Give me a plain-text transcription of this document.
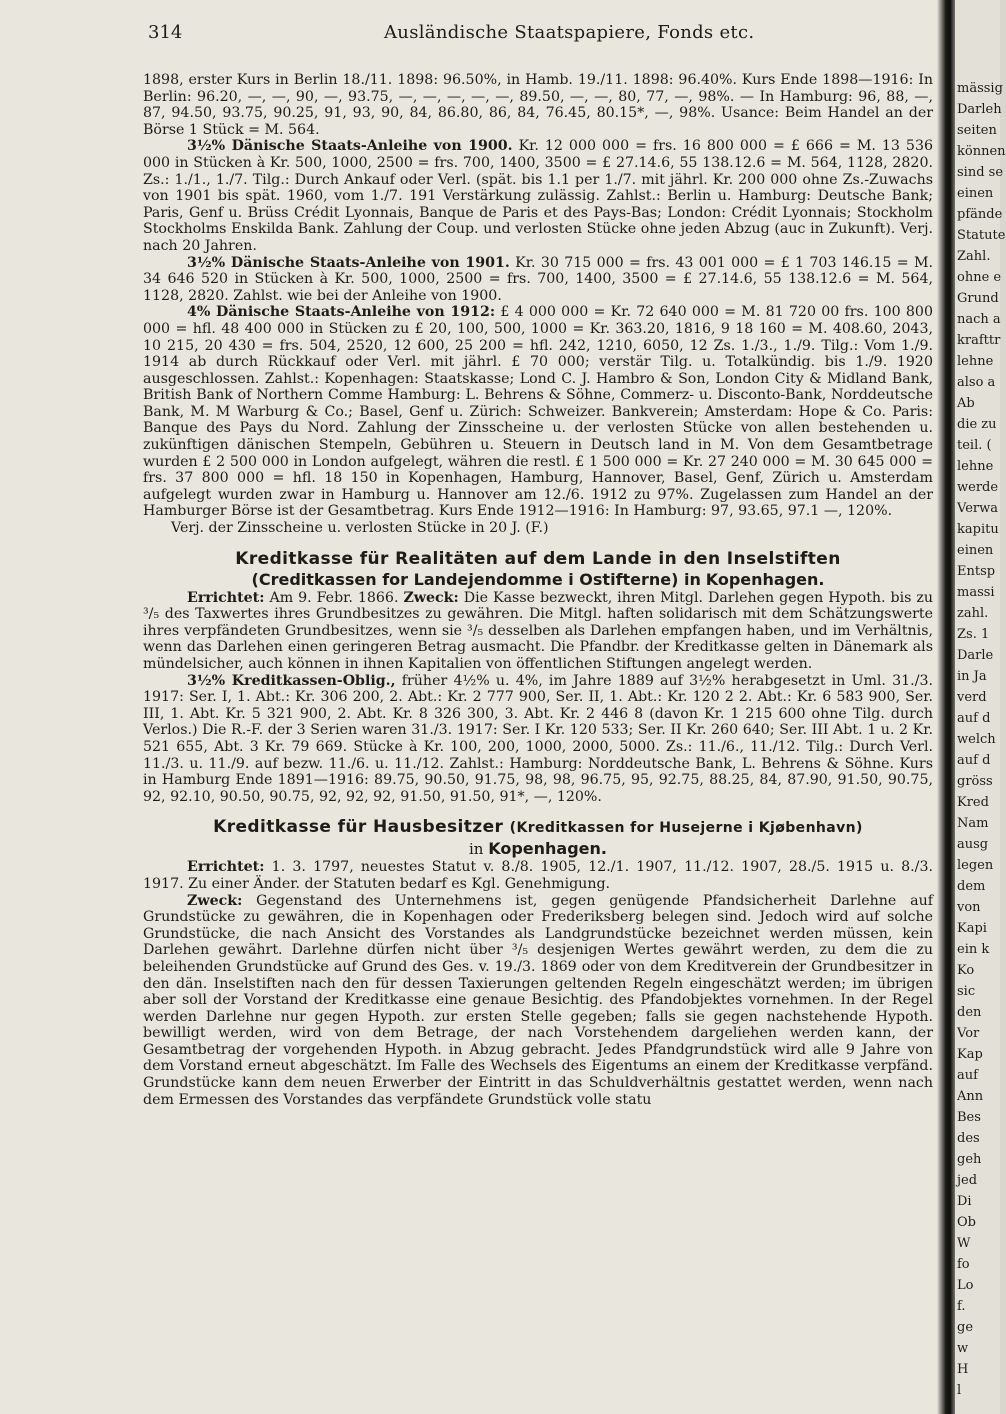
314	Ausländische Staatspapiere, Fonds etc.

1898, erster Kurs in Berlin 18./11. 1898: 96.50%, in Hamb. 19./11. 1898: 96.40%. Kurs Ende 1898—1916: In Berlin: 96.20, —, —, 90, —, 93.75, —, —, —, —, —, 89.50, —, —, 80, 77, —, 98%. — In Hamburg: 96, 88, —, 87, 94.50, 93.75, 90.25, 91, 93, 90, 84, 86.80, 86, 84, 76.45, 80.15*, —, 98%. Usance: Beim Handel an der Börse 1 Stück = M. 564.

3½% Dänische Staats-Anleihe von 1900. Kr. 12 000 000 = frs. 16 800 000 = £ 666 = M. 13 536 000 in Stücken à Kr. 500, 1000, 2500 = frs. 700, 1400, 3500 = £ 27.14.6, 55 138.12.6 = M. 564, 1128, 2820. Zs.: 1./1., 1./7. Tilg.: Durch Ankauf oder Verl. (spät. bis 1.1 per 1./7. mit jährl. Kr. 200 000 ohne Zs.-Zuwachs von 1901 bis spät. 1960, vom 1./7. 191 Verstärkung zulässig. Zahlst.: Berlin u. Hamburg: Deutsche Bank; Paris, Genf u. Brüss Crédit Lyonnais, Banque de Paris et des Pays-Bas; London: Crédit Lyonnais; Stockholm Stockholms Enskilda Bank. Zahlung der Coup. und verlosten Stücke ohne jeden Abzug (auc in Zukunft). Verj. nach 20 Jahren.

3½% Dänische Staats-Anleihe von 1901. Kr. 30 715 000 = frs. 43 001 000 = £ 1 703 146.15 = M. 34 646 520 in Stücken à Kr. 500, 1000, 2500 = frs. 700, 1400, 3500 = £ 27.14.6, 55 138.12.6 = M. 564, 1128, 2820. Zahlst. wie bei der Anleihe von 1900.

4% Dänische Staats-Anleihe von 1912: £ 4 000 000 = Kr. 72 640 000 = M. 81 720 00 frs. 100 800 000 = hfl. 48 400 000 in Stücken zu £ 20, 100, 500, 1000 = Kr. 363.20, 1816, 9 18 160 = M. 408.60, 2043, 10 215, 20 430 = frs. 504, 2520, 12 600, 25 200 = hfl. 242, 1210, 6050, 12 Zs. 1./3., 1./9. Tilg.: Vom 1./9. 1914 ab durch Rückkauf oder Verl. mit jährl. £ 70 000; verstär Tilg. u. Totalkündig. bis 1./9. 1920 ausgeschlossen. Zahlst.: Kopenhagen: Staatskasse; Lond C. J. Hambro & Son, London City & Midland Bank, British Bank of Northern Comme Hamburg: L. Behrens & Söhne, Commerz- u. Disconto-Bank, Norddeutsche Bank, M. M Warburg & Co.; Basel, Genf u. Zürich: Schweizer. Bankverein; Amsterdam: Hope & Co. Paris: Banque des Pays du Nord. Zahlung der Zinsscheine u. der verlosten Stücke von allen bestehenden u. zukünftigen dänischen Stempeln, Gebühren u. Steuern in Deutsch land in M. Von dem Gesamtbetrage wurden £ 2 500 000 in London aufgelegt, währen die restl. £ 1 500 000 = Kr. 27 240 000 = M. 30 645 000 = frs. 37 800 000 = hfl. 18 150 in Kopenhagen, Hamburg, Hannover, Basel, Genf, Zürich u. Amsterdam aufgelegt wurden zwar in Hamburg u. Hannover am 12./6. 1912 zu 97%. Zugelassen zum Handel an der Hamburger Börse ist der Gesamtbetrag. Kurs Ende 1912—1916: In Hamburg: 97, 93.65, 97.1 —, 120%.

Verj. der Zinsscheine u. verlosten Stücke in 20 J. (F.)

Kreditkasse für Realitäten auf dem Lande in den Inselstiften

(Creditkassen for Landejendomme i Ostifterne) in Kopenhagen.

Errichtet: Am 9. Febr. 1866. Zweck: Die Kasse bezweckt, ihren Mitgl. Darlehen gegen Hypoth. bis zu ³/₅ des Taxwertes ihres Grundbesitzes zu gewähren. Die Mitgl. haften solidarisch mit dem Schätzungswerte ihres verpfändeten Grundbesitzes, wenn sie ³/₅ desselben als Darlehen empfangen haben, und im Verhältnis, wenn das Darlehen einen geringeren Betrag ausmacht. Die Pfandbr. der Kreditkasse gelten in Dänemark als mündelsicher, auch können in ihnen Kapitalien von öffentlichen Stiftungen angelegt werden.

3½% Kreditkassen-Oblig., früher 4½% u. 4%, im Jahre 1889 auf 3½% herabgesetzt in Uml. 31./3. 1917: Ser. I, 1. Abt.: Kr. 306 200, 2. Abt.: Kr. 2 777 900, Ser. II, 1. Abt.: Kr. 120 2 2. Abt.: Kr. 6 583 900, Ser. III, 1. Abt. Kr. 5 321 900, 2. Abt. Kr. 8 326 300, 3. Abt. Kr. 2 446 8 (davon Kr. 1 215 600 ohne Tilg. durch Verlos.) Die R.-F. der 3 Serien waren 31./3. 1917: Ser. I Kr. 120 533; Ser. II Kr. 260 640; Ser. III Abt. 1 u. 2 Kr. 521 655, Abt. 3 Kr. 79 669. Stücke à Kr. 100, 200, 1000, 2000, 5000. Zs.: 11./6., 11./12. Tilg.: Durch Verl. 11./3. u. 11./9. auf bezw. 11./6. u. 11./12. Zahlst.: Hamburg: Norddeutsche Bank, L. Behrens & Söhne. Kurs in Hamburg Ende 1891—1916: 89.75, 90.50, 91.75, 98, 98, 96.75, 95, 92.75, 88.25, 84, 87.90, 91.50, 90.75, 92, 92.10, 90.50, 90.75, 92, 92, 92, 91.50, 91.50, 91*, —, 120%.

Kreditkasse für Hausbesitzer (Kreditkassen for Husejerne i Kjøbenhavn)

in Kopenhagen.

Errichtet: 1. 3. 1797, neuestes Statut v. 8./8. 1905, 12./1. 1907, 11./12. 1907, 28./5. 1915 u. 8./3. 1917. Zu einer Änder. der Statuten bedarf es Kgl. Genehmigung.

Zweck: Gegenstand des Unternehmens ist, gegen genügende Pfandsicherheit Darlehne auf Grundstücke zu gewähren, die in Kopenhagen oder Frederiksberg belegen sind. Jedoch wird auf solche Grundstücke, die nach Ansicht des Vorstandes als Landgrundstücke bezeichnet werden müssen, kein Darlehen gewährt. Darlehne dürfen nicht über ³/₅ desjenigen Wertes gewährt werden, zu dem die zu beleihenden Grundstücke auf Grund des Ges. v. 19./3. 1869 oder von dem Kreditverein der Grundbesitzer in den dän. Inselstiften nach den für dessen Taxierungen geltenden Regeln eingeschätzt werden; im übrigen aber soll der Vorstand der Kreditkasse eine genaue Besichtig. des Pfandobjektes vornehmen. In der Regel werden Darlehne nur gegen Hypoth. zur ersten Stelle gegeben; falls sie gegen nachstehende Hypoth. bewilligt werden, wird von dem Betrage, der nach Vorstehendem dargeliehen werden kann, der Gesamtbetrag der vorgehenden Hypoth. in Abzug gebracht. Jedes Pfandgrundstück wird alle 9 Jahre von dem Vorstand erneut abgeschätzt. Im Falle des Wechsels des Eigentums an einem der Kreditkasse verpfänd. Grundstücke kann dem neuen Erwerber der Eintritt in das Schuldverhältnis gestattet werden, wenn nach dem Ermessen des Vorstandes das verpfändete Grundstück volle statu

mässig
Darleh
seiten
können
sind se
einen
pfände
Statute
Zahl.
ohne e
Grund
nach a
krafttr
lehne
also a
Ab
die zu
teil. (
lehne
werde
Verwa
kapitu
einen
Entsp
massi
zahl.
Zs. 1
Darle
in Ja
verd
auf d
welch
auf d
gröss
Kred
Nam
ausg
legen
dem
von
Kapi
ein k
Ko
sic
den
Vor
Kap
auf
Ann
Bes
des
geh
jed
Di
Ob
W
fo
Lo
f.
ge
w
H
l
